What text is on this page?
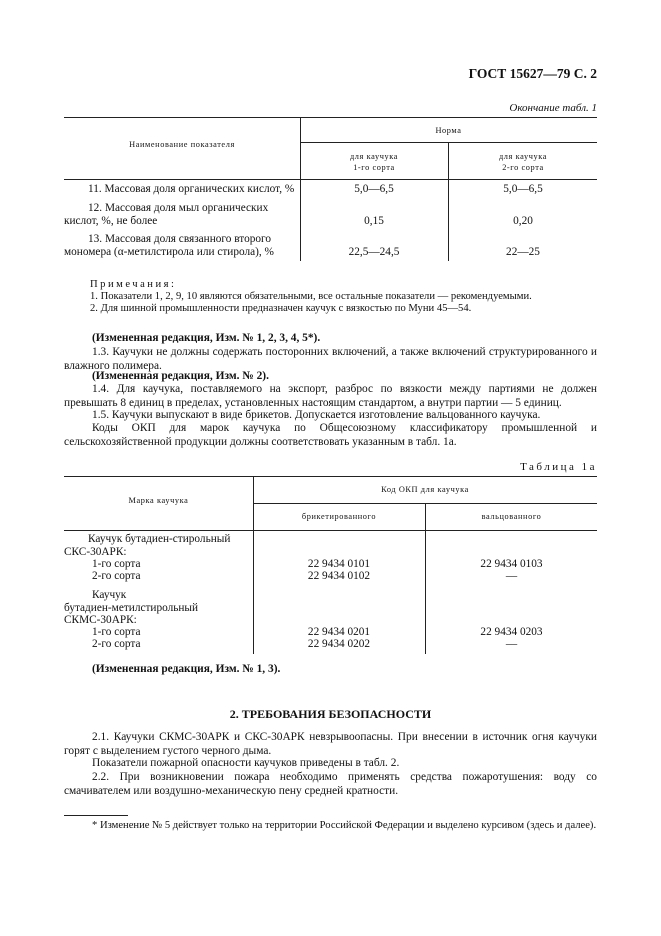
ГОСТ 15627—79 С. 2
Окончание табл. 1
Наименование показателя
Норма
для каучука
1-го сорта
для каучука
2-го сорта
11. Массовая доля органических кислот, %	5,0—6,5	5,0—6,5
12. Массовая доля мыл органических
кислот, %, не более	0,15	0,20
13. Массовая доля связанного второго
мономера (α-метилстирола или стирола), %	22,5—24,5	22—25
Примечания:
1. Показатели 1, 2, 9, 10 являются обязательными, все остальные показатели — рекомендуемыми.
2. Для шинной промышленности предназначен каучук с вязкостью по Муни 45—54.
(Измененная редакция, Изм. № 1, 2, 3, 4, 5*).
1.3. Каучуки не должны содержать посторонних включений, а также включений структурированного и влажного полимера.
(Измененная редакция, Изм. № 2).
1.4. Для каучука, поставляемого на экспорт, разброс по вязкости между партиями не должен превышать 8 единиц в пределах, установленных настоящим стандартом, а внутри партии — 5 единиц.
1.5. Каучуки выпускают в виде брикетов. Допускается изготовление вальцованного каучука.
Коды ОКП для марок каучука по Общесоюзному классификатору промышленной и сельскохозяйственной продукции должны соответствовать указанным в табл. 1а.
Таблица 1а
Марка каучука
Код ОКП для каучука
брикетированного	вальцованного
Каучук бутадиен-стирольный
СКС-30АРК:
1-го сорта	22 9434 0101	22 9434 0103
2-го сорта	22 9434 0102	—
Каучук
бутадиен-метилстирольный
СКМС-30АРК:
1-го сорта	22 9434 0201	22 9434 0203
2-го сорта	22 9434 0202	—
(Измененная редакция, Изм. № 1, 3).
2. ТРЕБОВАНИЯ БЕЗОПАСНОСТИ
2.1. Каучуки СКМС-30АРК и СКС-30АРК невзрывоопасны. При внесении в источник огня каучуки горят с выделением густого черного дыма.
Показатели пожарной опасности каучуков приведены в табл. 2.
2.2. При возникновении пожара необходимо применять средства пожаротушения: воду со смачивателем или воздушно-механическую пену средней кратности.
* Изменение № 5 действует только на территории Российской Федерации и выделено курсивом (здесь и далее).
